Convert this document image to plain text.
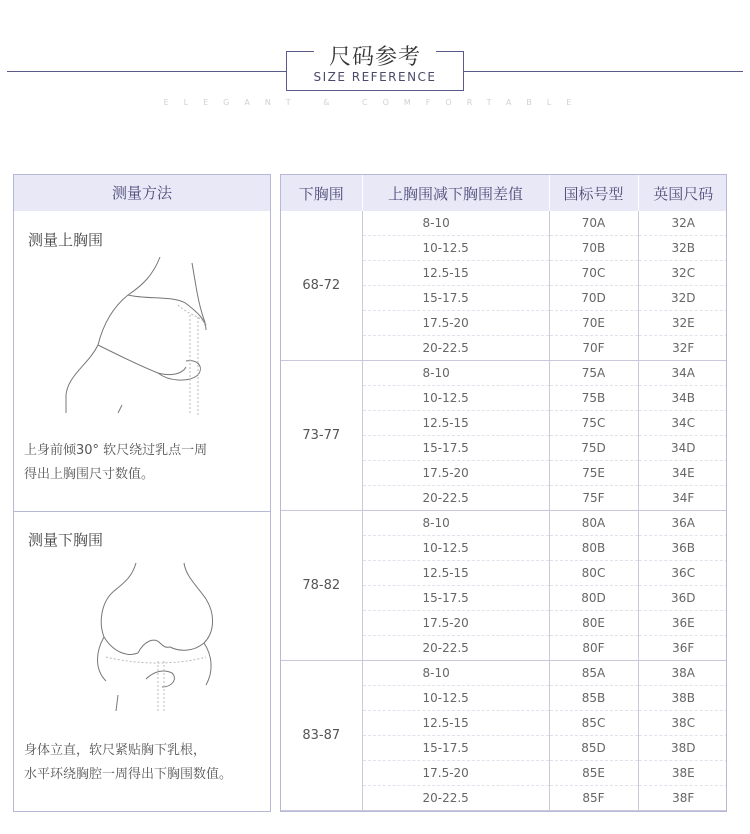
尺码参考
SIZE REFERENCE
ELEGANT & COMFORTABLE
测量方法
测量上胸围
上身前倾30° 软尺绕过乳点一周
得出上胸围尺寸数值。
测量下胸围
身体立直，软尺紧贴胸下乳根，
水平环绕胸腔一周得出下胸围数值。
下胸围	上胸围减下胸围差值	国标号型	英国尺码
68-72	8-10	70A	32A
	10-12.5	70B	32B
	12.5-15	70C	32C
	15-17.5	70D	32D
	17.5-20	70E	32E
	20-22.5	70F	32F
73-77	8-10	75A	34A
	10-12.5	75B	34B
	12.5-15	75C	34C
	15-17.5	75D	34D
	17.5-20	75E	34E
	20-22.5	75F	34F
78-82	8-10	80A	36A
	10-12.5	80B	36B
	12.5-15	80C	36C
	15-17.5	80D	36D
	17.5-20	80E	36E
	20-22.5	80F	36F
83-87	8-10	85A	38A
	10-12.5	85B	38B
	12.5-15	85C	38C
	15-17.5	85D	38D
	17.5-20	85E	38E
	20-22.5	85F	38F
